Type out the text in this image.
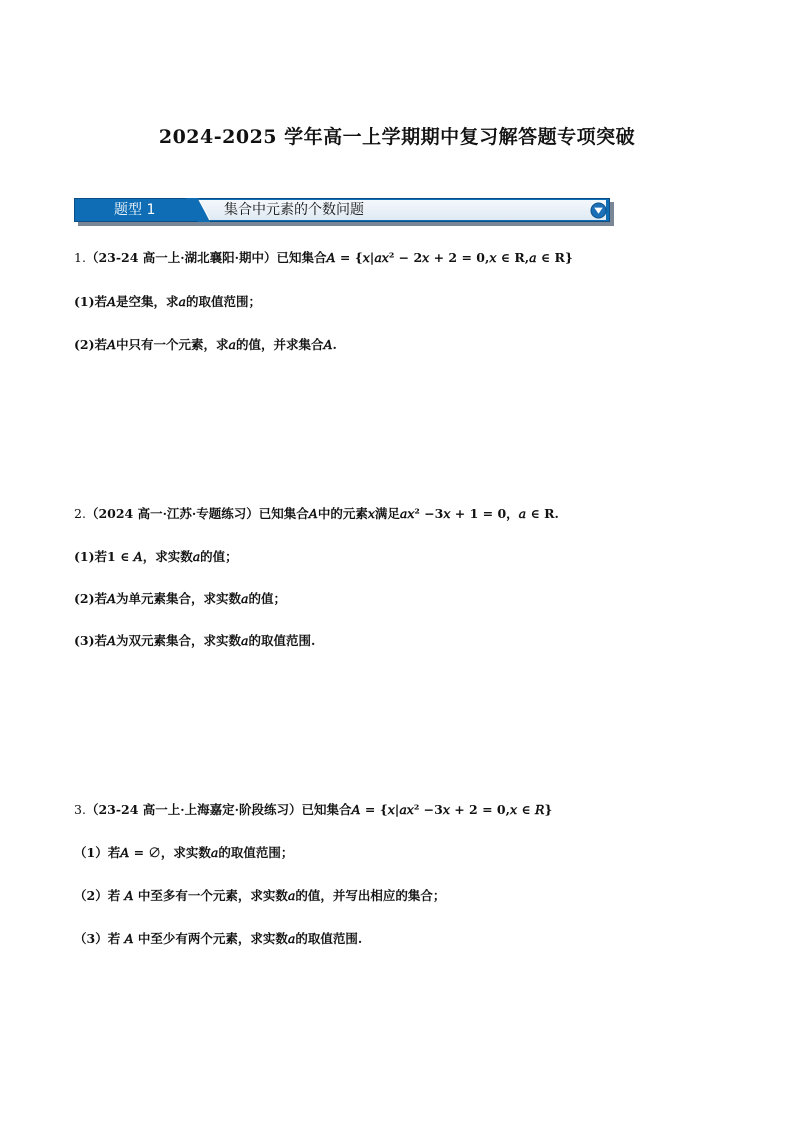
2024-2025 学年高一上学期期中复习解答题专项突破
题型 1	集合中元素的个数问题
1.（23-24 高一上·湖北襄阳·期中）已知集合𝐴 = {𝑥|𝑎𝑥² − 2𝑥 + 2 = 0,𝑥 ∈ R,𝑎 ∈ R}
(1)若𝐴是空集，求𝑎的取值范围；
(2)若𝐴中只有一个元素，求𝑎的值，并求集合𝐴.
2.（2024 高一·江苏·专题练习）已知集合𝐴中的元素𝑥满足𝑎𝑥² −3𝑥 + 1 = 0，𝑎 ∈ R.
(1)若1 ∈ 𝐴，求实数𝑎的值；
(2)若𝐴为单元素集合，求实数𝑎的值；
(3)若𝐴为双元素集合，求实数𝑎的取值范围.
3.（23-24 高一上·上海嘉定·阶段练习）已知集合𝐴 = {𝑥|𝑎𝑥² −3𝑥 + 2 = 0,𝑥 ∈ 𝑅}
（1）若𝐴 = ∅，求实数𝑎的取值范围；
（2）若 𝐴 中至多有一个元素，求实数𝑎的值，并写出相应的集合；
（3）若 𝐴 中至少有两个元素，求实数𝑎的取值范围.
